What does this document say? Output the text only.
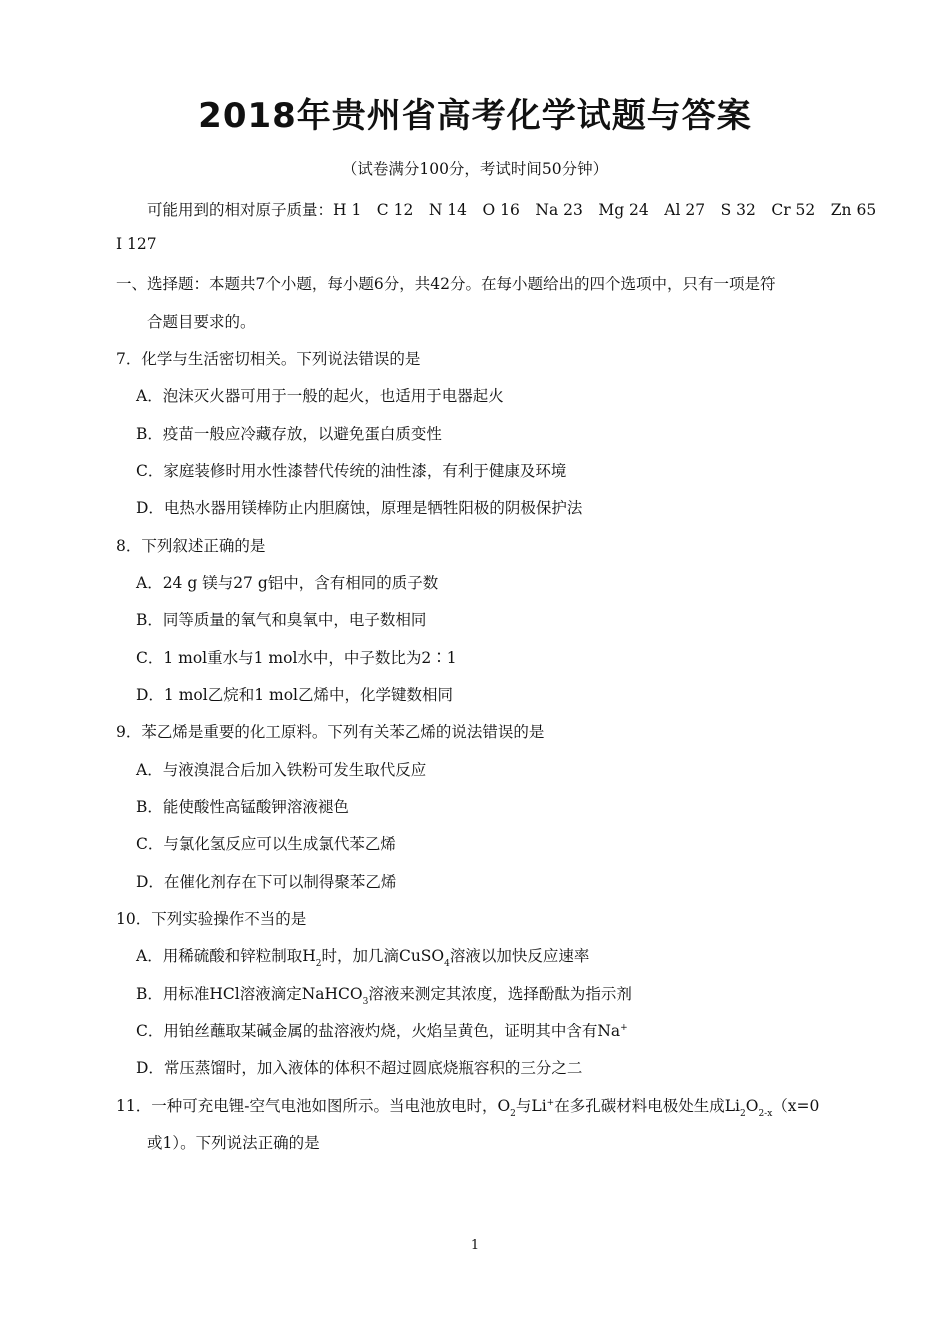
2018年贵州省高考化学试题与答案
（试卷满分100分，考试时间50分钟）
可能用到的相对原子质量：H 1　C 12　N 14　O 16　Na 23　Mg 24　Al 27　S 32　Cr 52　Zn 65
I 127
一、选择题：本题共7个小题，每小题6分，共42分。在每小题给出的四个选项中，只有一项是符
合题目要求的。
7．化学与生活密切相关。下列说法错误的是
A．泡沫灭火器可用于一般的起火，也适用于电器起火
B．疫苗一般应冷藏存放，以避免蛋白质变性
C．家庭装修时用水性漆替代传统的油性漆，有利于健康及环境
D．电热水器用镁棒防止内胆腐蚀，原理是牺牲阳极的阴极保护法
8．下列叙述正确的是
A．24 g 镁与27 g铝中，含有相同的质子数
B．同等质量的氧气和臭氧中，电子数相同
C．1 mol重水与1 mol水中，中子数比为2∶1
D．1 mol乙烷和1 mol乙烯中，化学键数相同
9．苯乙烯是重要的化工原料。下列有关苯乙烯的说法错误的是
A．与液溴混合后加入铁粉可发生取代反应
B．能使酸性高锰酸钾溶液褪色
C．与氯化氢反应可以生成氯代苯乙烯
D．在催化剂存在下可以制得聚苯乙烯
10．下列实验操作不当的是
A．用稀硫酸和锌粒制取$H_2$时，加几滴CuSO$_4$溶液以加快反应速率
B．用标准HCl溶液滴定NaHCO$_3$溶液来测定其浓度，选择酚酞为指示剂
C．用铂丝蘸取某碱金属的盐溶液灼烧，火焰呈黄色，证明其中含有Na+
D．常压蒸馏时，加入液体的体积不超过圆底烧瓶容积的三分之二
11．一种可充电锂-空气电池如图所示。当电池放电时，$O_2$与Li+在多孔碳材料电极处生成$Li_2O_{2-x}(x=0$
或1）。下列说法正确的是
1
